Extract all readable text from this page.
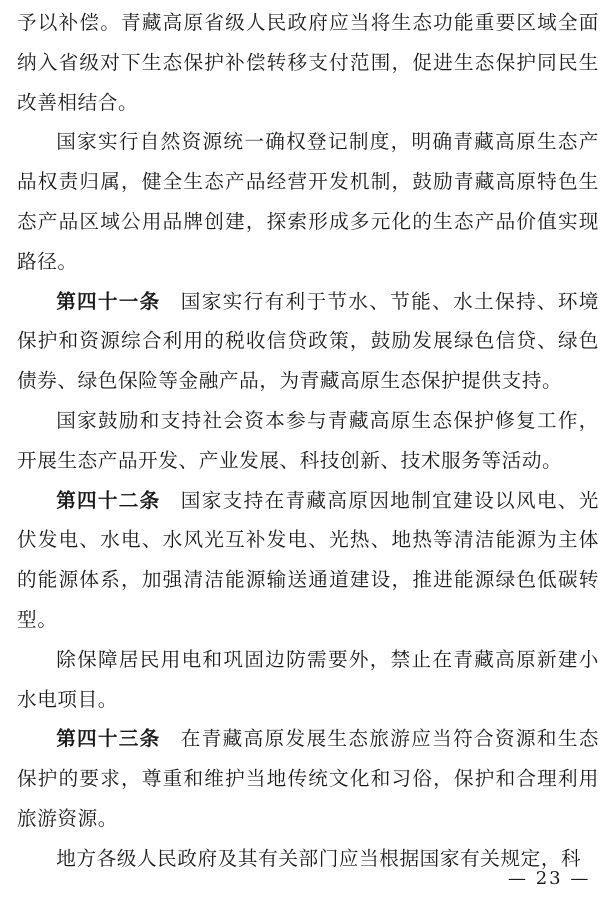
予以补偿。青藏高原省级人民政府应当将生态功能重要区域全面纳入省级对下生态保护补偿转移支付范围，促进生态保护同民生改善相结合。

国家实行自然资源统一确权登记制度，明确青藏高原生态产品权责归属，健全生态产品经营开发机制，鼓励青藏高原特色生态产品区域公用品牌创建，探索形成多元化的生态产品价值实现路径。

第四十一条 国家实行有利于节水、节能、水土保持、环境保护和资源综合利用的税收信贷政策，鼓励发展绿色信贷、绿色债券、绿色保险等金融产品，为青藏高原生态保护提供支持。

国家鼓励和支持社会资本参与青藏高原生态保护修复工作，开展生态产品开发、产业发展、科技创新、技术服务等活动。

第四十二条 国家支持在青藏高原因地制宜建设以风电、光伏发电、水电、水风光互补发电、光热、地热等清洁能源为主体的能源体系，加强清洁能源输送通道建设，推进能源绿色低碳转型。

除保障居民用电和巩固边防需要外，禁止在青藏高原新建小水电项目。

第四十三条 在青藏高原发展生态旅游应当符合资源和生态保护的要求，尊重和维护当地传统文化和习俗，保护和合理利用旅游资源。

地方各级人民政府及其有关部门应当根据国家有关规定，科

— 23 —
